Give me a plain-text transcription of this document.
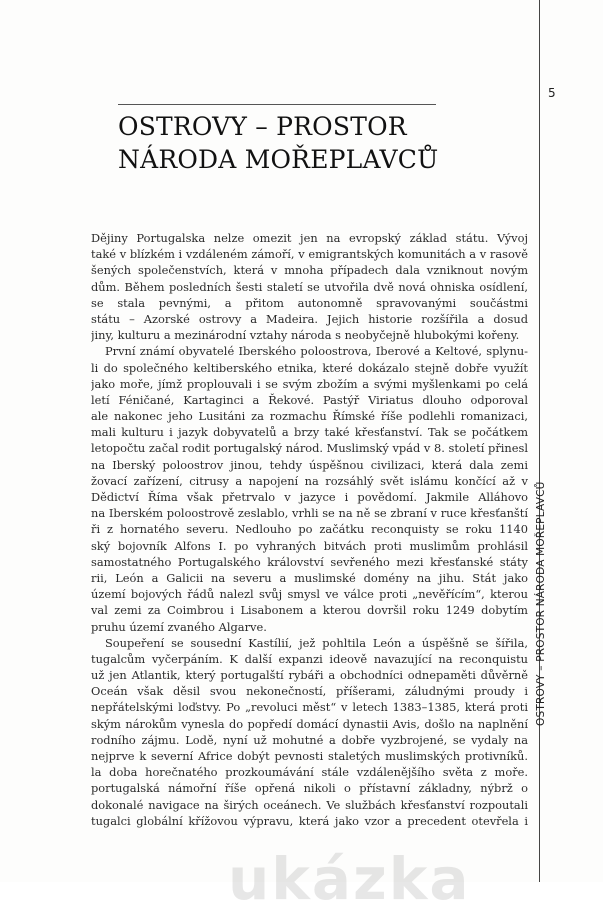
5
OSTROVY – PROSTOR
NÁRODA MOŘEPLAVCŮ
OSTROVY – PROSTOR NÁRODA MOŘEPLAVCŮ

Dějiny Portugalska nelze omezit jen na evropský základ státu. Vývoj
také v blízkém i vzdáleném zámoří, v emigrantských komunitách a v rasově
šených společenstvích, která v mnoha případech dala vzniknout novým
dům. Během posledních šesti staletí se utvořila dvě nová ohniska osídlení,
se stala pevnými, a přitom autonomně spravovanými součástmi
státu – Azorské ostrovy a Madeira. Jejich historie rozšířila a dosud
jiny, kulturu a mezinárodní vztahy národa s neobyčejně hlubokými kořeny.

První známí obyvatelé Iberského poloostrova, Iberové a Keltové, splynu-
li do společného keltiberského etnika, které dokázalo stejně dobře využít
jako moře, jímž proplouvali i se svým zbožím a svými myšlenkami po celá
letí Féničané, Kartaginci a Řekové. Pastýř Viriatus dlouho odporoval
ale nakonec jeho Lusitáni za rozmachu Římské říše podlehli romanizaci,
mali kulturu i jazyk dobyvatelů a brzy také křesťanství. Tak se počátkem
letopočtu začal rodit portugalský národ. Muslimský vpád v 8. století přinesl
na Iberský poloostrov jinou, tehdy úspěšnou civilizaci, která dala zemi
žovací zařízení, citrusy a napojení na rozsáhlý svět islámu končící až v
Dědictví Říma však přetrvalo v jazyce i povědomí. Jakmile Alláhovo
na Iberském poloostrově zeslablo, vrhli se na ně se zbraní v ruce křesťanští
ři z hornatého severu. Nedlouho po začátku reconquisty se roku 1140
ský bojovník Alfons I. po vyhraných bitvách proti muslimům prohlásil
samostatného Portugalského království sevřeného mezi křesťanské státy
rii, León a Galicii na severu a muslimské domény na jihu. Stát jako
území bojových řádů nalezl svůj smysl ve válce proti „nevěřícím“, kterou
val zemi za Coimbrou i Lisabonem a kterou dovršil roku 1249 dobytím
pruhu území zvaného Algarve.

Soupeření se sousední Kastílií, jež pohltila León a úspěšně se šířila,
tugalcům vyčerpáním. K další expanzi ideově navazující na reconquistu
už jen Atlantik, který portugalští rybáři a obchodníci odnepaměti důvěrně
Oceán však děsil svou nekonečností, příšerami, záludnými proudy i
nepřátelskými loďstvy. Po „revoluci měst“ v letech 1383–1385, která proti
ským nárokům vynesla do popředí domácí dynastii Avis, došlo na naplnění
rodního zájmu. Lodě, nyní už mohutné a dobře vyzbrojené, se vydaly na
nejprve k severní Africe dobýt pevnosti staletých muslimských protivníků.
la doba horečnatého prozkoumávání stále vzdálenějšího světa z moře.
portugalská námořní říše opřená nikoli o přístavní základny, nýbrž o
dokonalé navigace na širých oceánech. Ve službách křesťanství rozpoutali
tugalci globální křížovou výpravu, která jako vzor a precedent otevřela i

ukázka
